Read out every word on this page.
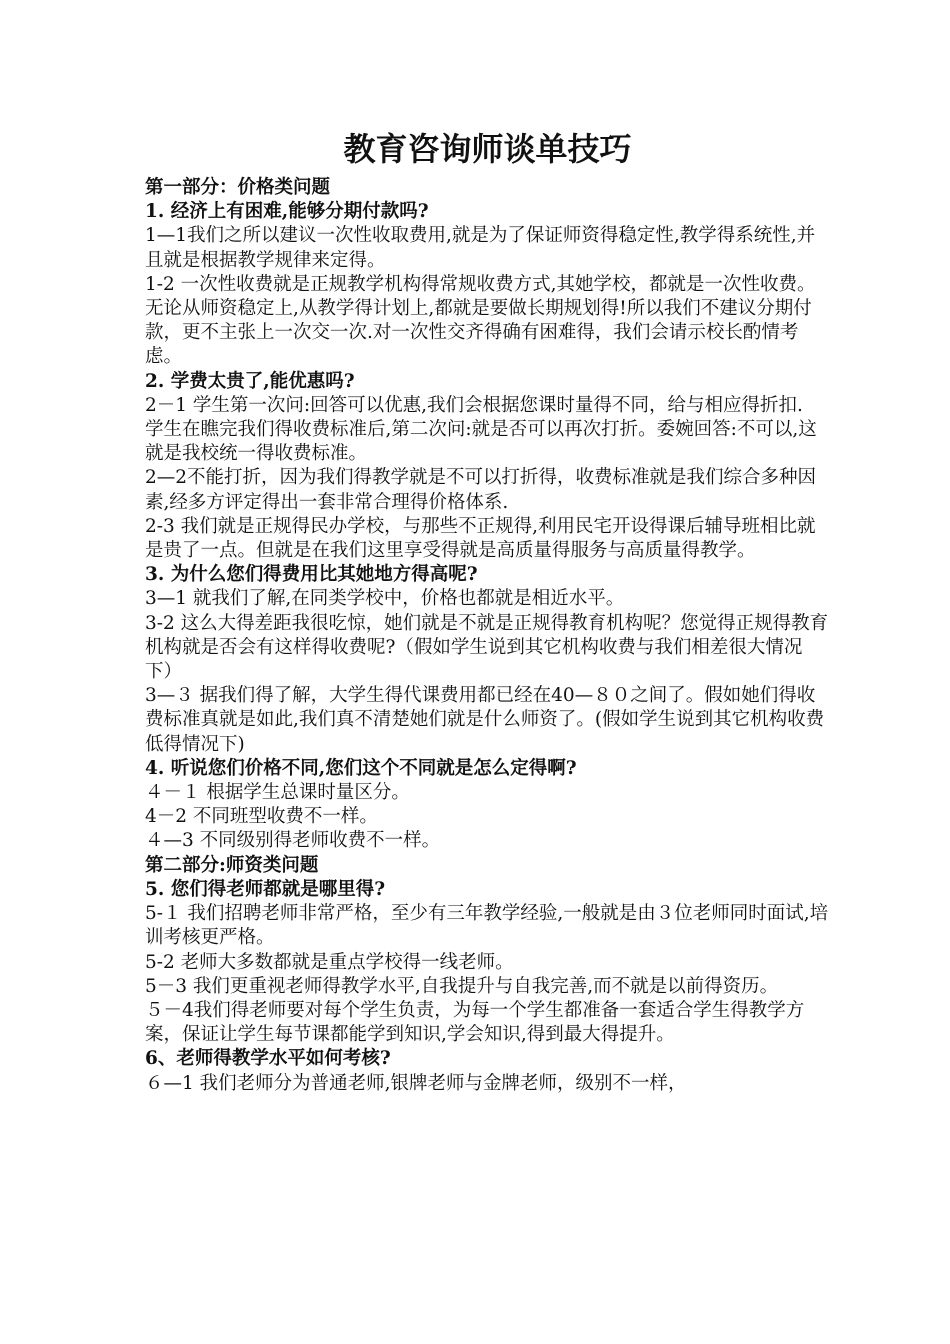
教育咨询师谈单技巧

第一部分：价格类问题

1. 经济上有困难,能够分期付款吗?

1—1我们之所以建议一次性收取费用,就是为了保证师资得稳定性,教学得系统性,并且就是根据教学规律来定得。

1-2 一次性收费就是正规教学机构得常规收费方式,其她学校，都就是一次性收费。无论从师资稳定上,从教学得计划上,都就是要做长期规划得!所以我们不建议分期付款，更不主张上一次交一次.对一次性交齐得确有困难得，我们会请示校长酌情考虑。

2. 学费太贵了,能优惠吗?

2－1 学生第一次问:回答可以优惠,我们会根据您课时量得不同，给与相应得折扣.

学生在瞧完我们得收费标准后,第二次问:就是否可以再次打折。委婉回答:不可以,这就是我校统一得收费标准。

2—2不能打折，因为我们得教学就是不可以打折得，收费标准就是我们综合多种因素,经多方评定得出一套非常合理得价格体系.

2-3 我们就是正规得民办学校，与那些不正规得,利用民宅开设得课后辅导班相比就是贵了一点。但就是在我们这里享受得就是高质量得服务与高质量得教学。

3. 为什么您们得费用比其她地方得高呢?

3—1 就我们了解,在同类学校中，价格也都就是相近水平。

3-2 这么大得差距我很吃惊，她们就是不就是正规得教育机构呢？您觉得正规得教育机构就是否会有这样得收费呢?（假如学生说到其它机构收费与我们相差很大情况下）

3—３ 据我们得了解，大学生得代课费用都已经在40—８０之间了。假如她们得收费标准真就是如此,我们真不清楚她们就是什么师资了。(假如学生说到其它机构收费低得情况下)

4. 听说您们价格不同,您们这个不同就是怎么定得啊?

４－１ 根据学生总课时量区分。

4－2 不同班型收费不一样。

４—3 不同级别得老师收费不一样。

第二部分:师资类问题

5. 您们得老师都就是哪里得?

5-１ 我们招聘老师非常严格，至少有三年教学经验,一般就是由３位老师同时面试,培训考核更严格。

5-2 老师大多数都就是重点学校得一线老师。

5－3 我们更重视老师得教学水平,自我提升与自我完善,而不就是以前得资历。

５－4我们得老师要对每个学生负责，为每一个学生都准备一套适合学生得教学方案，保证让学生每节课都能学到知识,学会知识,得到最大得提升。

6、老师得教学水平如何考核?

６—1 我们老师分为普通老师,银牌老师与金牌老师，级别不一样，
